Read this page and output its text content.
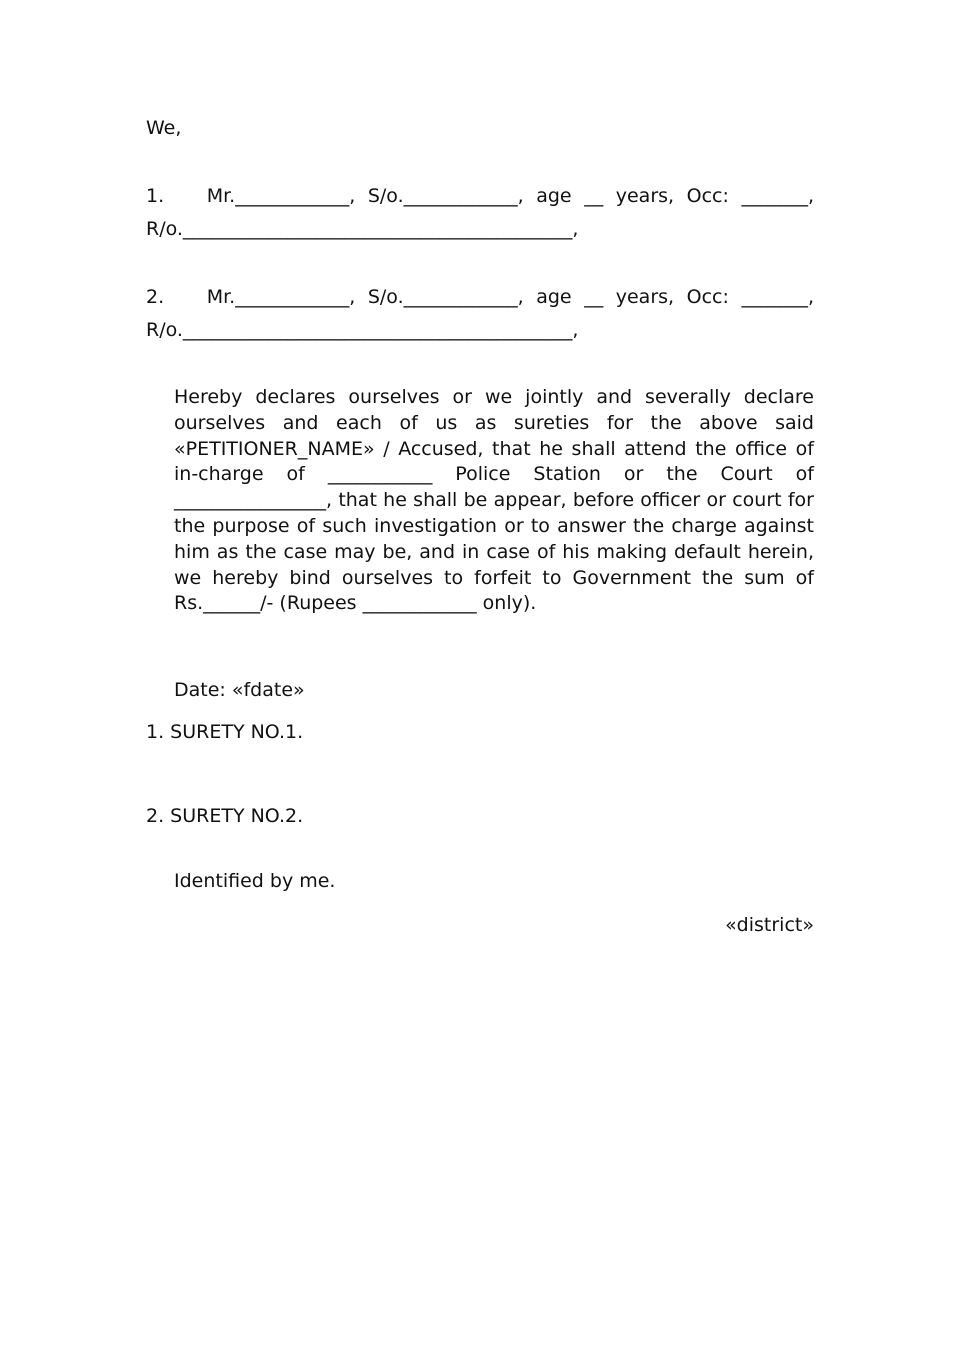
We,
1. Mr.____________, S/o.____________, age __ years, Occ: _______,
R/o._________________________________________,
2. Mr.____________, S/o.____________, age __ years, Occ: _______,
R/o._________________________________________,
Hereby declares ourselves or we jointly and severally declare ourselves and each of us as sureties for the above said «PETITIONER_NAME» / Accused, that he shall attend the office of in-charge of ___________ Police Station or the Court of ________________, that he shall be appear, before officer or court for the purpose of such investigation or to answer the charge against him as the case may be, and in case of his making default herein, we hereby bind ourselves to forfeit to Government the sum of Rs.______/- (Rupees ____________ only).
Date: «fdate»
1. SURETY NO.1.
2. SURETY NO.2.
Identified by me.
«district»
